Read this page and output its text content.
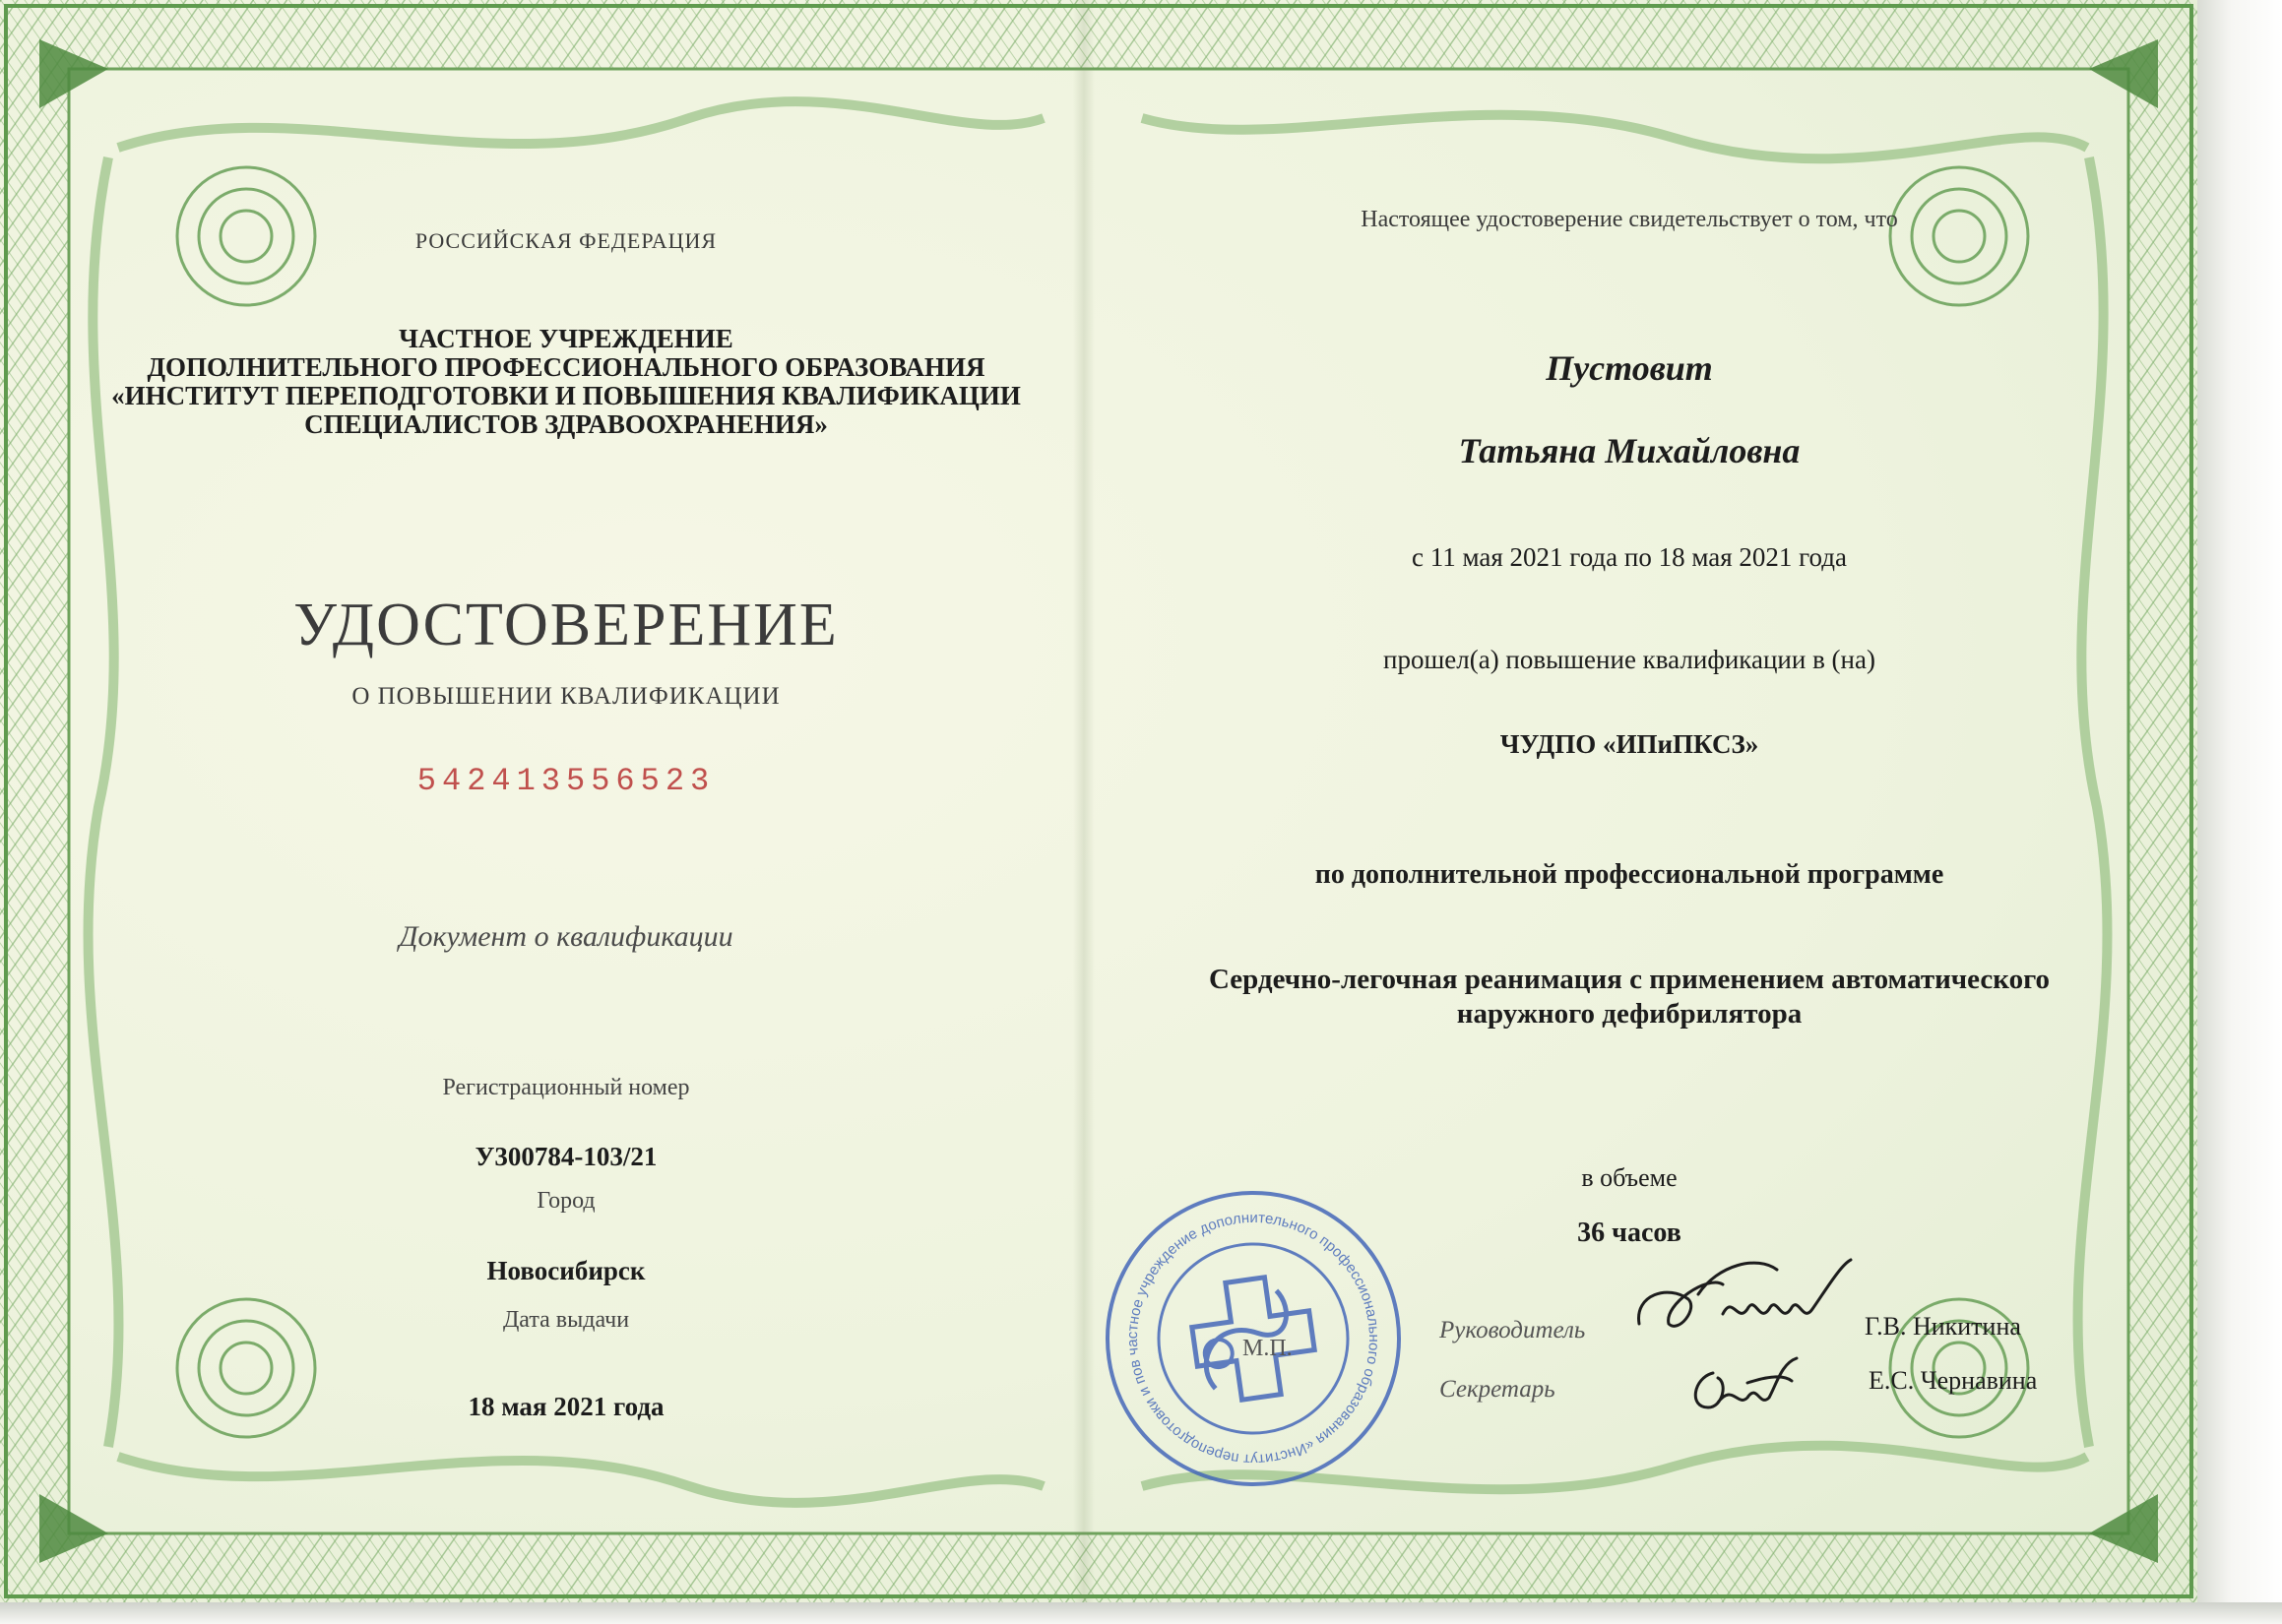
РОССИЙСКАЯ ФЕДЕРАЦИЯ
ЧАСТНОЕ УЧРЕЖДЕНИЕ
ДОПОЛНИТЕЛЬНОГО ПРОФЕССИОНАЛЬНОГО ОБРАЗОВАНИЯ
«ИНСТИТУТ ПЕРЕПОДГОТОВКИ И ПОВЫШЕНИЯ КВАЛИФИКАЦИИ
СПЕЦИАЛИСТОВ ЗДРАВООХРАНЕНИЯ»
УДОСТОВЕРЕНИЕ
О ПОВЫШЕНИИ КВАЛИФИКАЦИИ
542413556523
Документ о квалификации
Регистрационный номер
У300784-103/21
Город
Новосибирск
Дата выдачи
18 мая 2021 года
Настоящее удостоверение свидетельствует о том, что
Пустовит
Татьяна Михайловна
с 11 мая 2021 года по 18 мая 2021 года
прошел(а) повышение квалификации в (на)
ЧУДПО «ИПиПКСЗ»
по дополнительной профессиональной программе
Сердечно-легочная реанимация с применением автоматического
наружного дефибрилятора
в объеме
36 часов
Руководитель	Г.В. Никитина
Секретарь	Е.С. Чернавина
частное учреждение дополнительного профессионального образования «Институт переподготовки и повышения
М.П.
